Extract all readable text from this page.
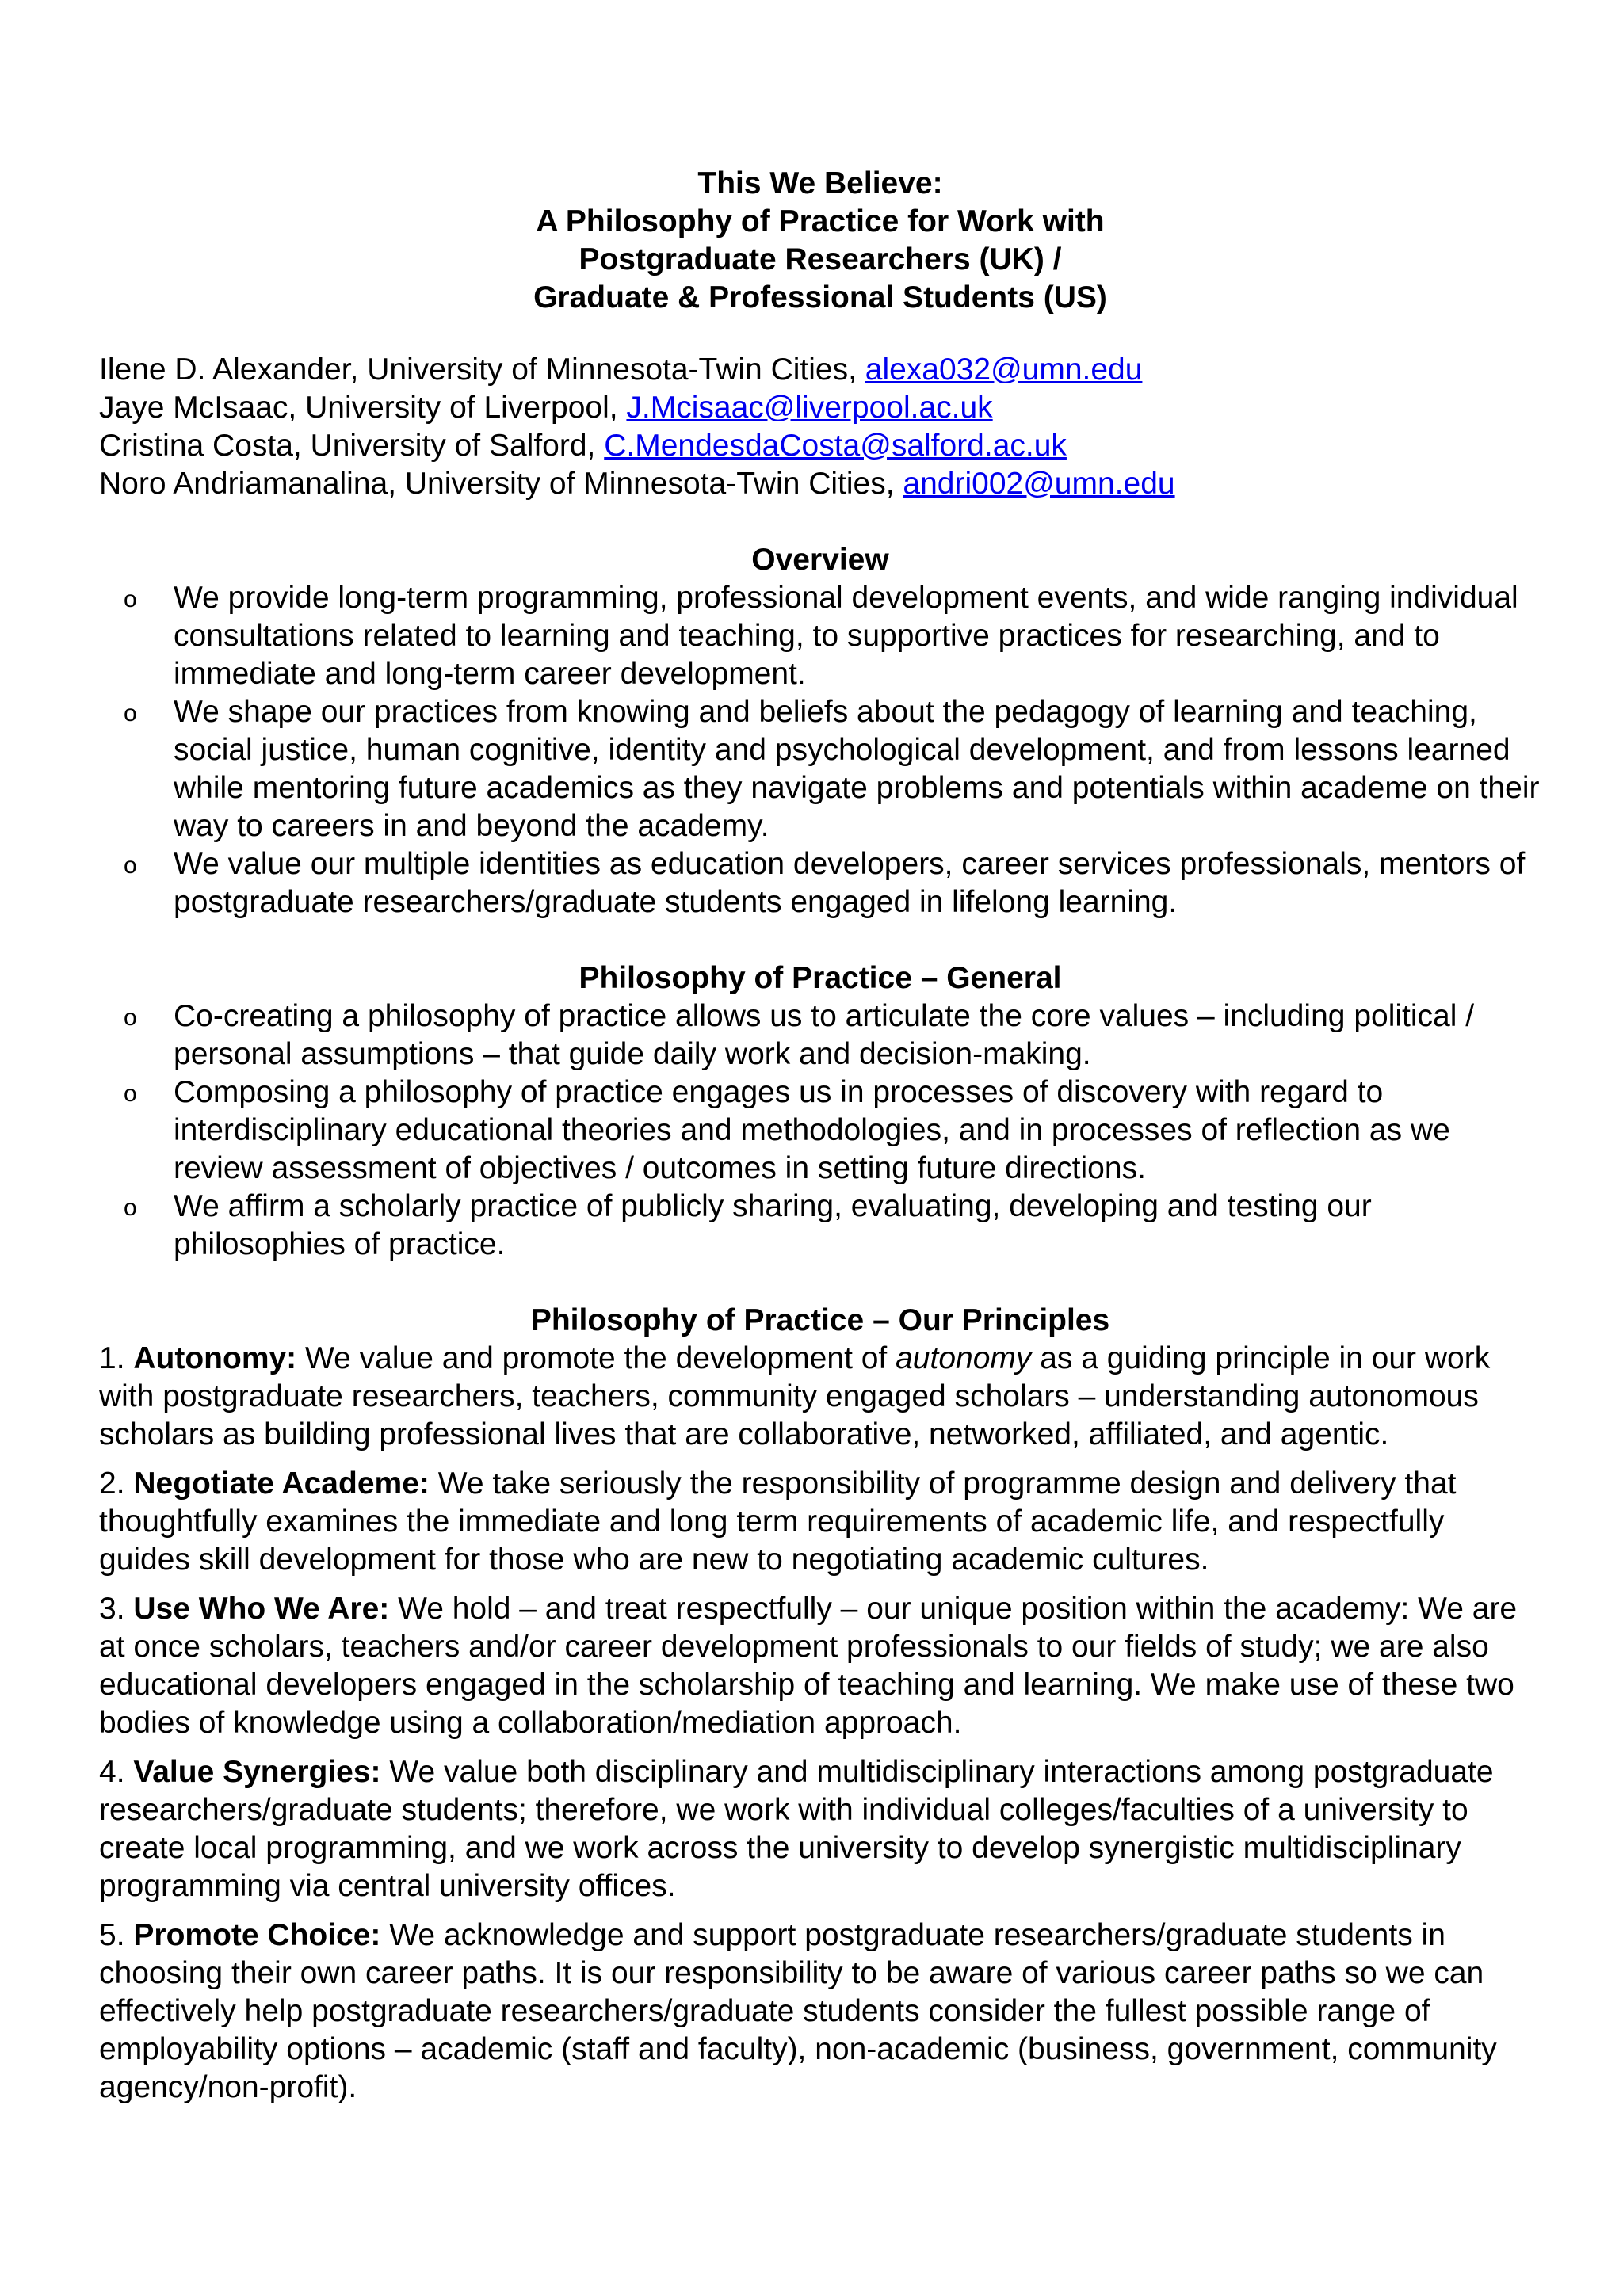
This We Believe:
A Philosophy of Practice for Work with
Postgraduate Researchers (UK) /
Graduate & Professional Students (US)
Ilene D. Alexander, University of Minnesota-Twin Cities, alexa032@umn.edu
Jaye McIsaac, University of Liverpool, J.Mcisaac@liverpool.ac.uk
Cristina Costa, University of Salford, C.MendesdaCosta@salford.ac.uk
Noro Andriamanalina, University of Minnesota-Twin Cities, andri002@umn.edu
Overview
o We provide long-term programming, professional development events, and wide ranging individual consultations related to learning and teaching, to supportive practices for researching, and to immediate and long-term career development.
o We shape our practices from knowing and beliefs about the pedagogy of learning and teaching, social justice, human cognitive, identity and psychological development, and from lessons learned while mentoring future academics as they navigate problems and potentials within academe on their way to careers in and beyond the academy.
o We value our multiple identities as education developers, career services professionals, mentors of postgraduate researchers/graduate students engaged in lifelong learning.
Philosophy of Practice – General
o Co-creating a philosophy of practice allows us to articulate the core values – including political / personal assumptions – that guide daily work and decision-making.
o Composing a philosophy of practice engages us in processes of discovery with regard to interdisciplinary educational theories and methodologies, and in processes of reflection as we review assessment of objectives / outcomes in setting future directions.
o We affirm a scholarly practice of publicly sharing, evaluating, developing and testing our philosophies of practice.
Philosophy of Practice – Our Principles
1. Autonomy: We value and promote the development of autonomy as a guiding principle in our work with postgraduate researchers, teachers, community engaged scholars – understanding autonomous scholars as building professional lives that are collaborative, networked, affiliated, and agentic.
2. Negotiate Academe: We take seriously the responsibility of programme design and delivery that thoughtfully examines the immediate and long term requirements of academic life, and respectfully guides skill development for those who are new to negotiating academic cultures.
3. Use Who We Are: We hold – and treat respectfully – our unique position within the academy: We are at once scholars, teachers and/or career development professionals to our fields of study; we are also educational developers engaged in the scholarship of teaching and learning. We make use of these two bodies of knowledge using a collaboration/mediation approach.
4. Value Synergies: We value both disciplinary and multidisciplinary interactions among postgraduate researchers/graduate students; therefore, we work with individual colleges/faculties of a university to create local programming, and we work across the university to develop synergistic multidisciplinary programming via central university offices.
5. Promote Choice: We acknowledge and support postgraduate researchers/graduate students in choosing their own career paths. It is our responsibility to be aware of various career paths so we can effectively help postgraduate researchers/graduate students consider the fullest possible range of employability options – academic (staff and faculty), non-academic (business, government, community agency/non-profit).
